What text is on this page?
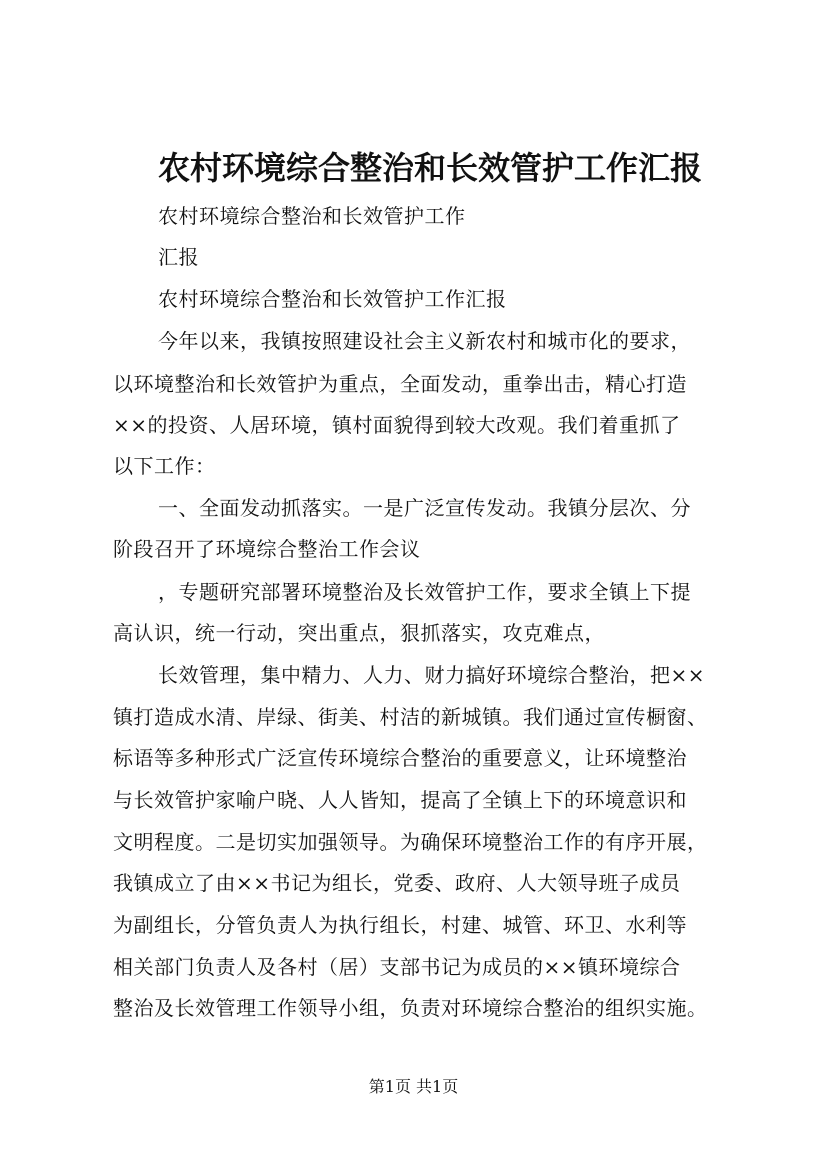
农村环境综合整治和长效管护工作汇报
农村环境综合整治和长效管护工作
汇报
农村环境综合整治和长效管护工作汇报
今年以来，我镇按照建设社会主义新农村和城市化的要求，
以环境整治和长效管护为重点，全面发动，重拳出击，精心打造
××的投资、人居环境，镇村面貌得到较大改观。我们着重抓了
以下工作：
一、全面发动抓落实。一是广泛宣传发动。我镇分层次、分
阶段召开了环境综合整治工作会议
，专题研究部署环境整治及长效管护工作，要求全镇上下提
高认识，统一行动，突出重点，狠抓落实，攻克难点，
长效管理，集中精力、人力、财力搞好环境综合整治，把××
镇打造成水清、岸绿、街美、村洁的新城镇。我们通过宣传橱窗、
标语等多种形式广泛宣传环境综合整治的重要意义，让环境整治
与长效管护家喻户晓、人人皆知，提高了全镇上下的环境意识和
文明程度。二是切实加强领导。为确保环境整治工作的有序开展，
我镇成立了由××书记为组长，党委、政府、人大领导班子成员
为副组长，分管负责人为执行组长，村建、城管、环卫、水利等
相关部门负责人及各村（居）支部书记为成员的××镇环境综合
整治及长效管理工作领导小组，负责对环境综合整治的组织实施。
第1页 共1页
